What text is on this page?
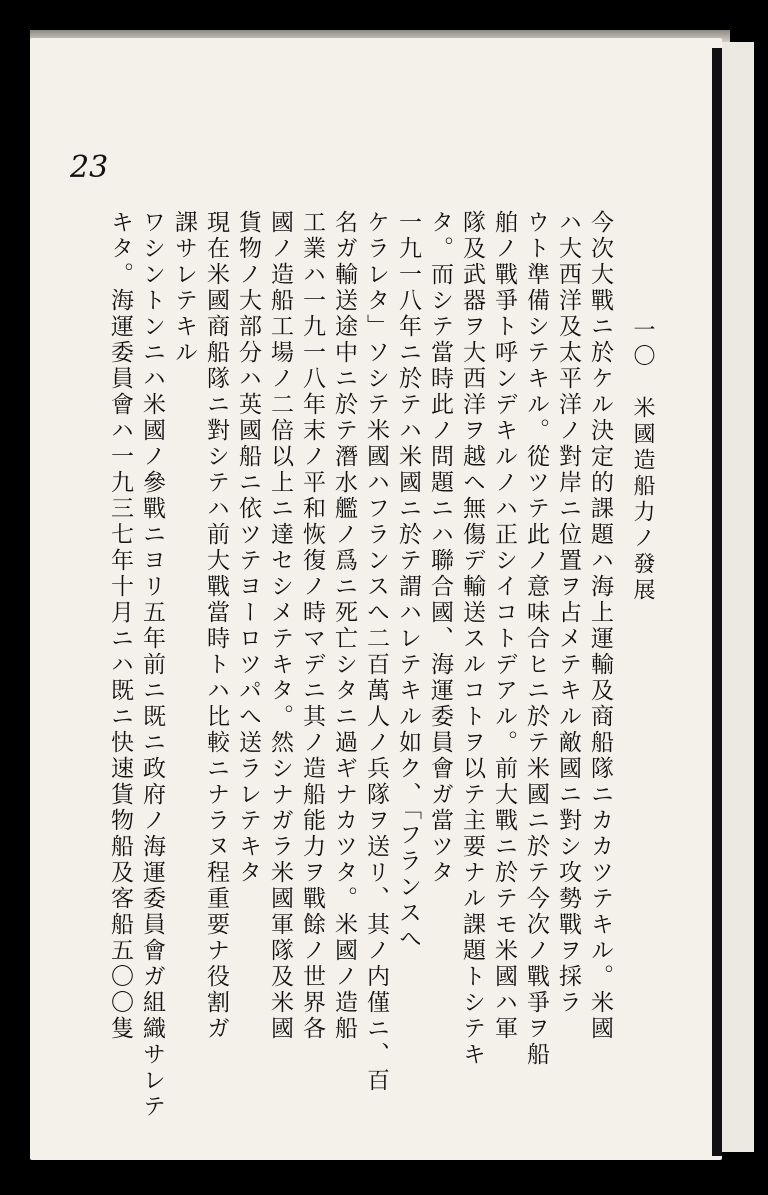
23
一〇　米國造船力ノ發展
今次大戰ニ於ケル決定的課題ハ海上運輸及商船隊ニカカツテキル。米國
ハ大西洋及太平洋ノ對岸ニ位置ヲ占メテキル敵國ニ對シ攻勢戰ヲ採ラ
ウト準備シテキル。從ツテ此ノ意味合ヒニ於テ米國ニ於テ今次ノ戰爭ヲ船
舶ノ戰爭ト呼ンデキルノハ正シイコトデアル。前大戰ニ於テモ米國ハ軍
隊及武器ヲ大西洋ヲ越ヘ無傷デ輸送スルコトヲ以テ主要ナル課題トシテキ
タ。而シテ當時此ノ問題ニハ聯合國、海運委員會ガ當ツタ
一九一八年ニ於テハ米國ニ於テ謂ハレテキル如ク、「フランスへ
ケラレタ」ソシテ米國ハフランスへ二百萬人ノ兵隊ヲ送リ、其ノ内僅ニ、百
名ガ輸送途中ニ於テ潛水艦ノ爲ニ死亡シタニ過ギナカツタ。米國ノ造船
工業ハ一九一八年末ノ平和恢復ノ時マデニ其ノ造船能力ヲ戰餘ノ世界各
國ノ造船工場ノ二倍以上ニ達セシメテキタ。然シナガラ米國軍隊及米國
貨物ノ大部分ハ英國船ニ依ツテヨーロツパへ送ラレテキタ
現在米國商船隊ニ對シテハ前大戰當時トハ比較ニナラヌ程重要ナ役割ガ
課サレテキル
ワシントンニハ米國ノ參戰ニヨリ五年前ニ既ニ政府ノ海運委員會ガ組織サレテ
キタ。海運委員會ハ一九三七年十月ニハ既ニ快速貨物船及客船五〇〇隻
